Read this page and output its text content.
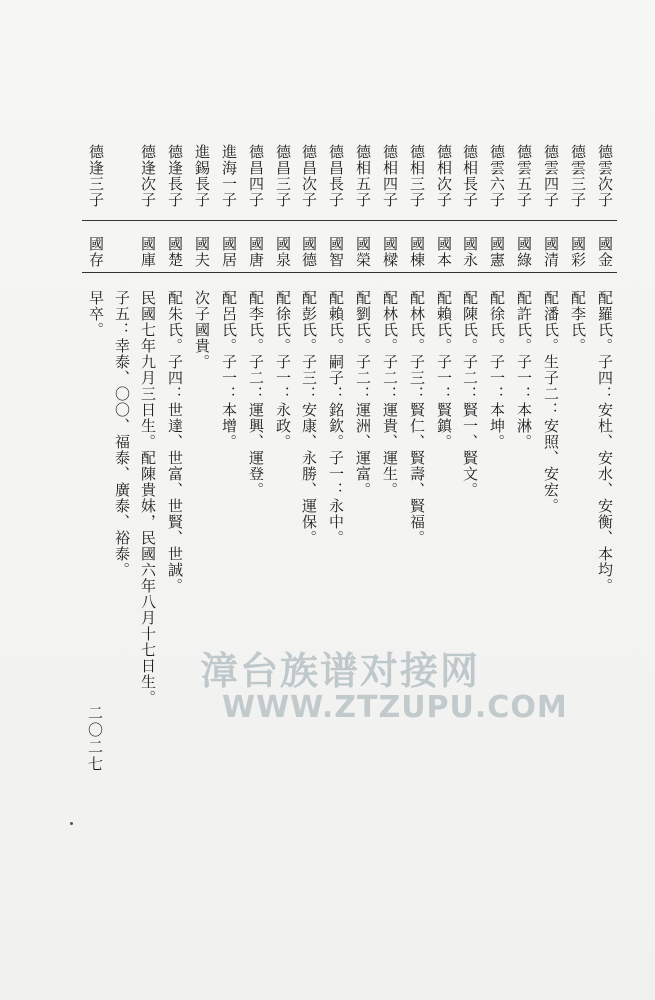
德雲次子
國金
配羅氏。子四：安杜、安水、安衡、本均。
德雲三子
國彩
配李氏。
德雲四子
國清
配潘氏。生子二：安照、安宏。
德雲五子
國綠
配許氏。子一：本淋。
德雲六子
國憲
配徐氏。子一：本坤。
德相長子
國永
配陳氏。子二：賢一、賢文。
德相次子
國本
配賴氏。子一：賢鎮。
德相三子
國棟
配林氏。子三：賢仁、賢壽、賢福。
德相四子
國樑
配林氏。子二：運貴、運生。
德相五子
國榮
配劉氏。子二：運洲、運富。
德昌長子
國智
配賴氏。嗣子：銘欽。子一：永中。
德昌次子
國德
配彭氏。子三：安康、永勝、運保。
德昌三子
國泉
配徐氏。子一：永政。
德昌四子
國唐
配李氏。子二：運興、運登。
進海一子
國居
配呂氏。子一：本增。
進錫長子
國夫
次子國貴。
德逢長子
國楚
配朱氏。子四：世達、世富、世賢、世誠。
德逢次子
國庫
民國七年九月三日生。配陳貴妹，民國六年八月十七日生。
子五：幸泰、〇〇、福泰、廣泰、裕泰。
德逢三子
國存
早卒。
漳台族谱对接网
WWW.ZTZUPU.COM
二〇二七
